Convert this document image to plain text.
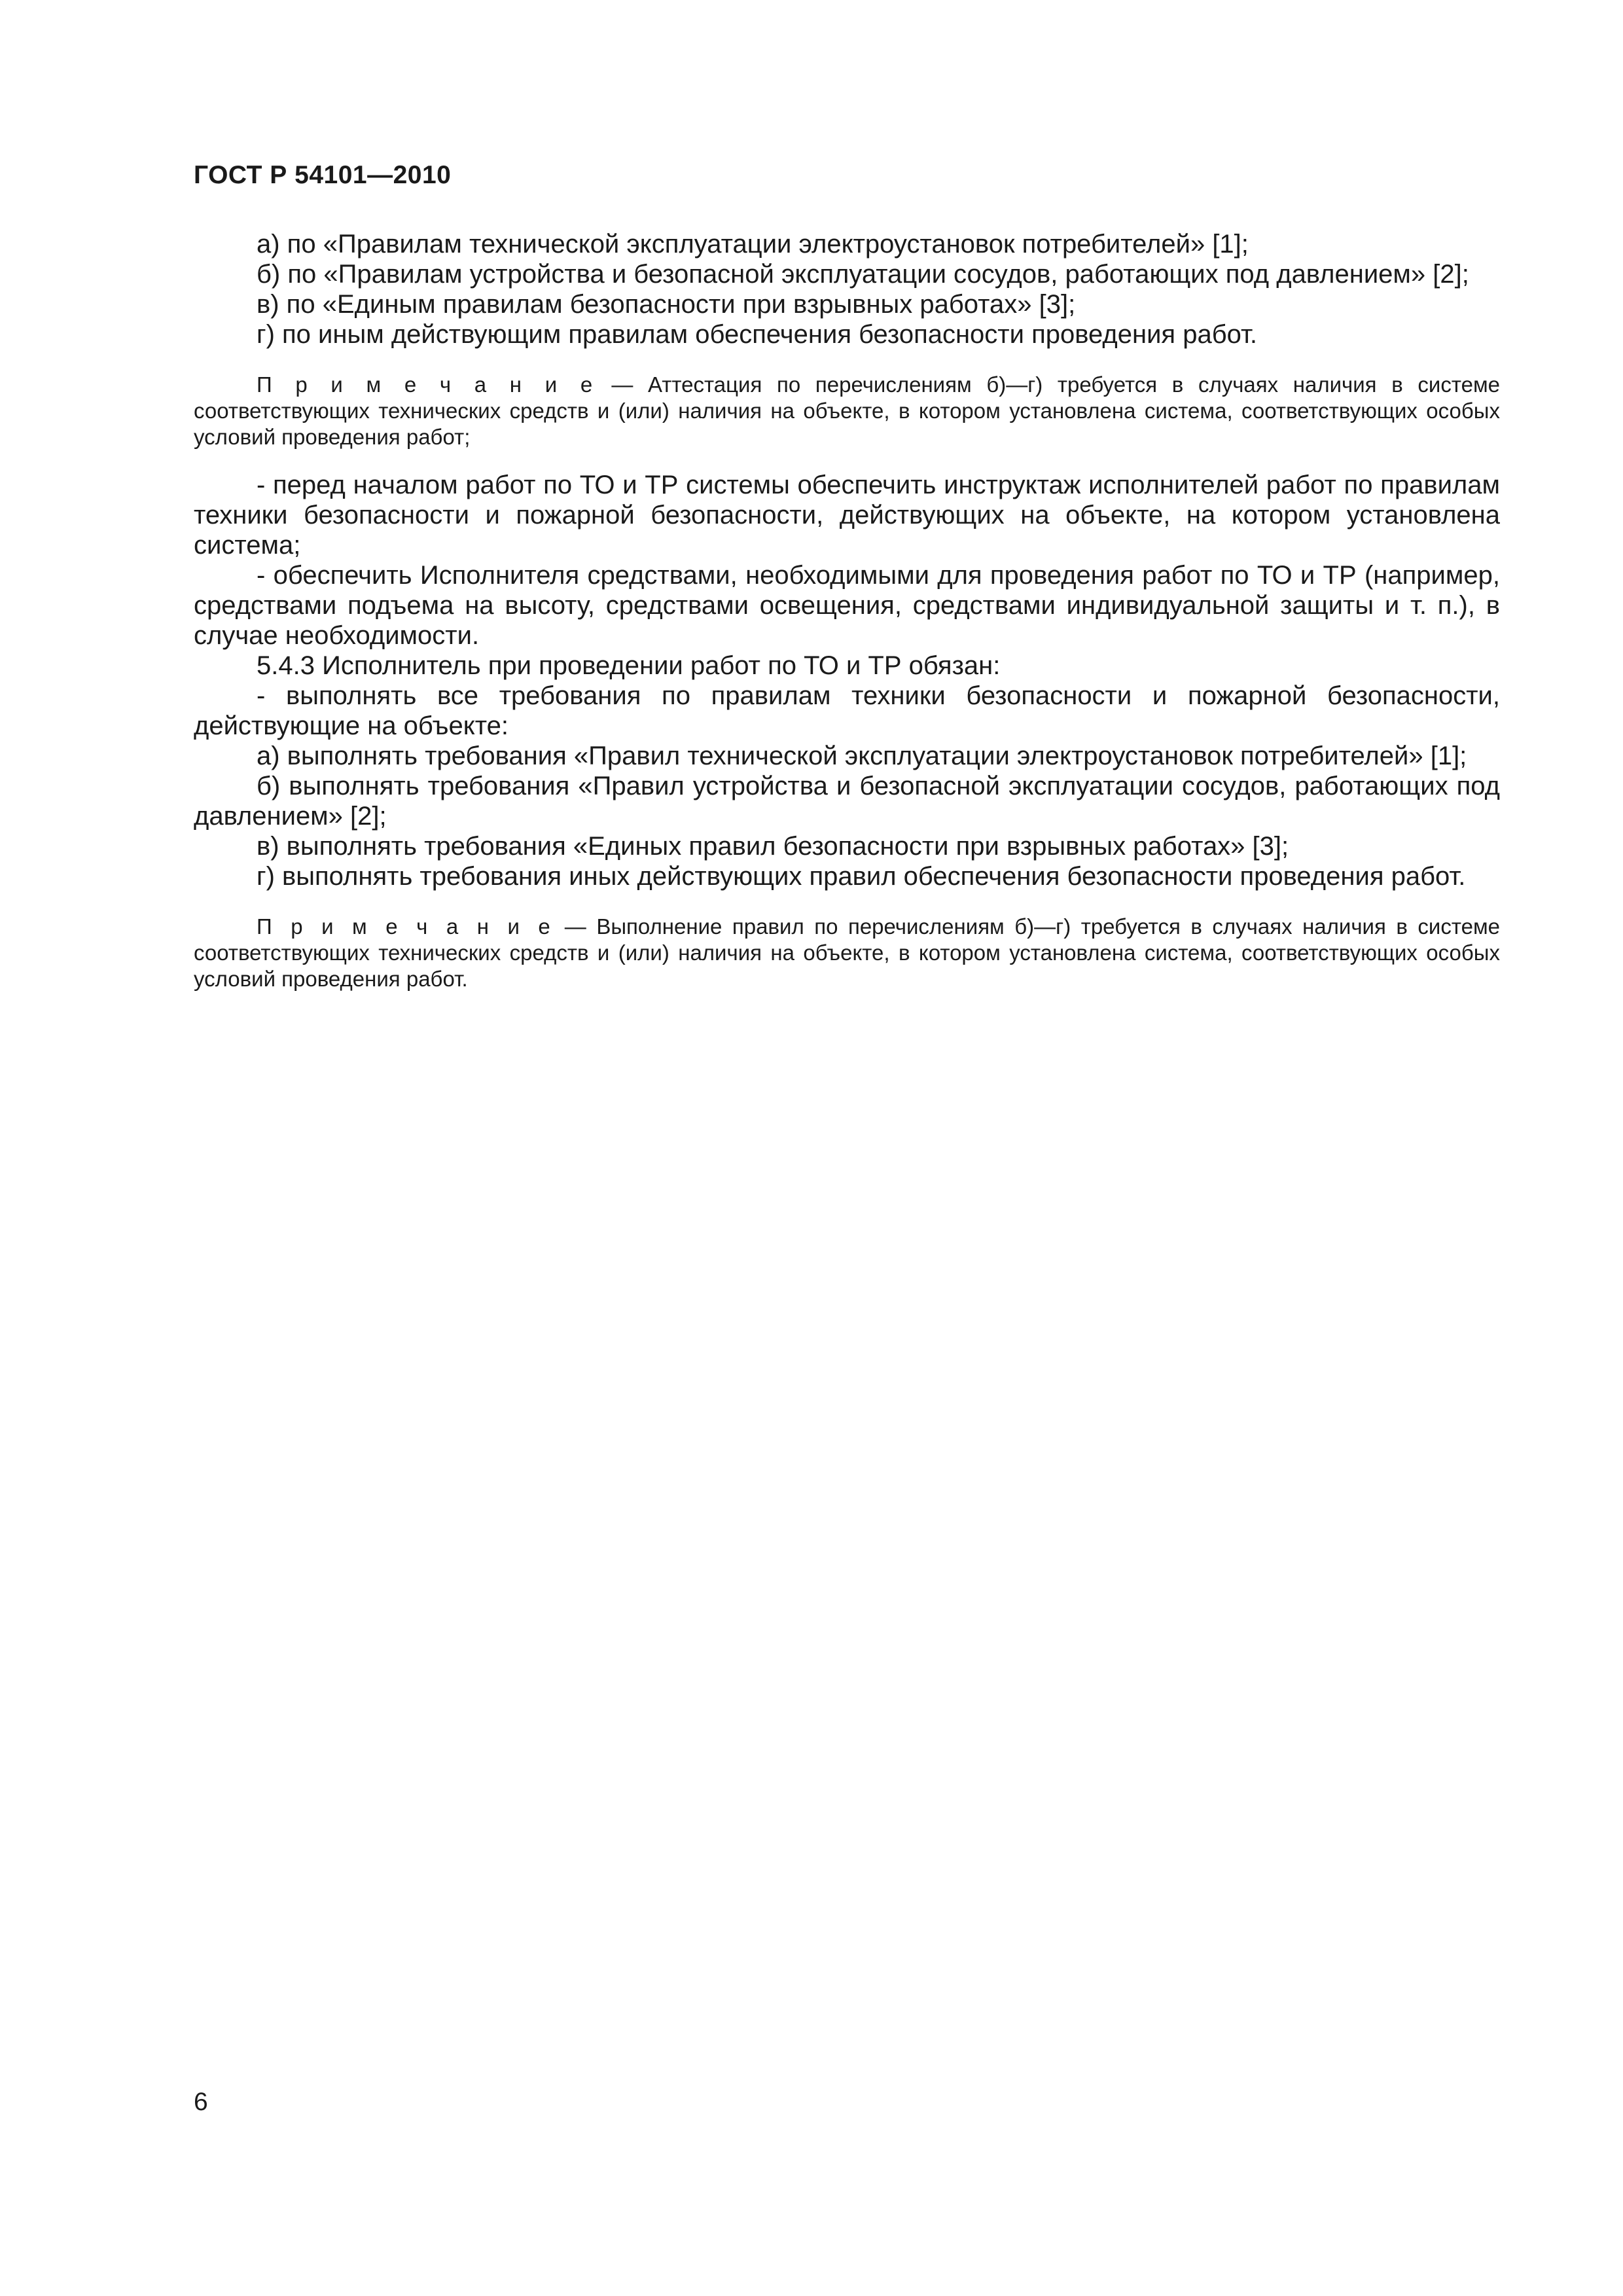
ГОСТ Р 54101—2010

а) по «Правилам технической эксплуатации электроустановок потребителей» [1];

б) по «Правилам устройства и безопасной эксплуатации сосудов, работающих под давлением» [2];

в) по «Единым правилам безопасности при взрывных работах» [3];

г) по иным действующим правилам обеспечения безопасности проведения работ.

П р и м е ч а н и е — Аттестация по перечислениям б)—г) требуется в случаях наличия в системе соответствующих технических средств и (или) наличия на объекте, в котором установлена система, соответствующих особых условий проведения работ;

- перед началом работ по ТО и ТР системы обеспечить инструктаж исполнителей работ по правилам техники безопасности и пожарной безопасности, действующих на объекте, на котором установлена система;

- обеспечить Исполнителя средствами, необходимыми для проведения работ по ТО и ТР (например, средствами подъема на высоту, средствами освещения, средствами индивидуальной защиты и т. п.), в случае необходимости.

5.4.3 Исполнитель при проведении работ по ТО и ТР обязан:

- выполнять все требования по правилам техники безопасности и пожарной безопасности, действующие на объекте:

а) выполнять требования «Правил технической эксплуатации электроустановок потребителей» [1];

б) выполнять требования «Правил устройства и безопасной эксплуатации сосудов, работающих под давлением» [2];

в) выполнять требования «Единых правил безопасности при взрывных работах» [3];

г) выполнять требования иных действующих правил обеспечения безопасности проведения работ.

П р и м е ч а н и е — Выполнение правил по перечислениям б)—г) требуется в случаях наличия в системе соответствующих технических средств и (или) наличия на объекте, в котором установлена система, соответствующих особых условий проведения работ.

6
